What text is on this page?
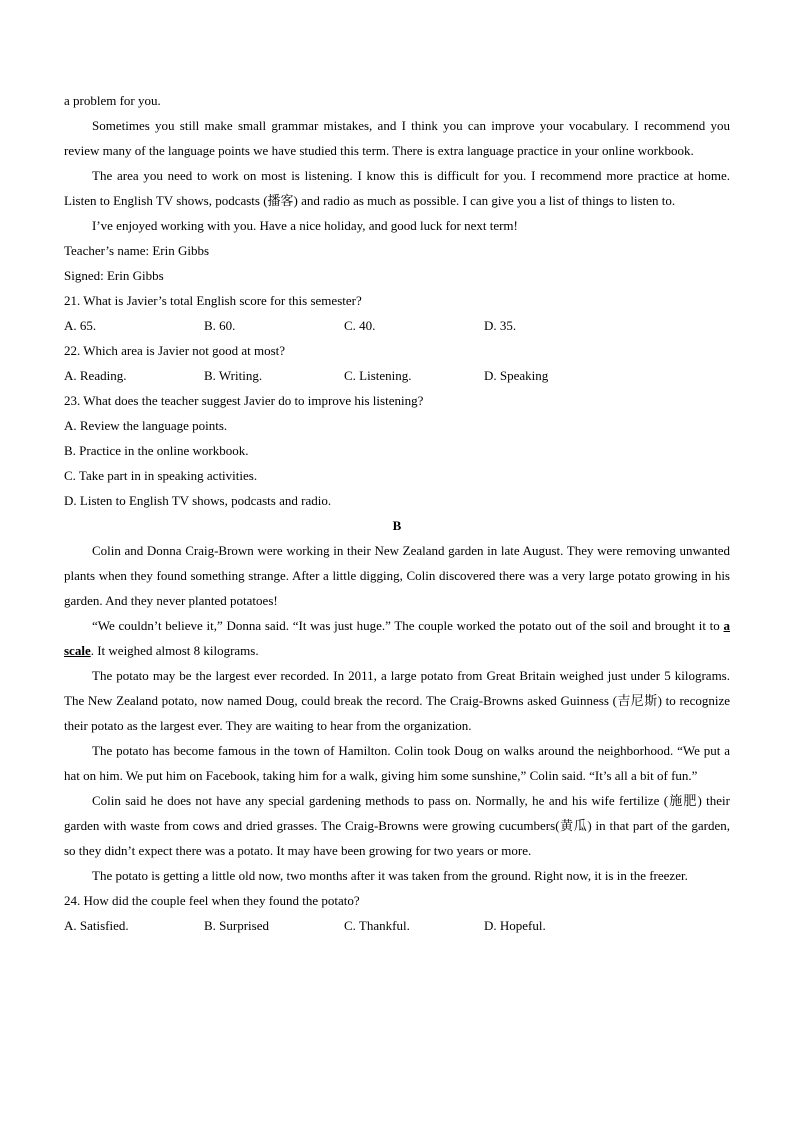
a problem for you.
Sometimes you still make small grammar mistakes, and I think you can improve your vocabulary. I recommend you review many of the language points we have studied this term. There is extra language practice in your online workbook.
The area you need to work on most is listening. I know this is difficult for you. I recommend more practice at home. Listen to English TV shows, podcasts (播客) and radio as much as possible. I can give you a list of things to listen to.
I’ve enjoyed working with you. Have a nice holiday, and good luck for next term!
Teacher’s name: Erin Gibbs
Signed: Erin Gibbs
21. What is Javier’s total English score for this semester?
A. 65.	B. 60.	C. 40.	D. 35.
22. Which area is Javier not good at most?
A. Reading.	B. Writing.	C. Listening.	D. Speaking
23. What does the teacher suggest Javier do to improve his listening?
A. Review the language points.
B. Practice in the online workbook.
C. Take part in in speaking activities.
D. Listen to English TV shows, podcasts and radio.
B
Colin and Donna Craig-Brown were working in their New Zealand garden in late August. They were removing unwanted plants when they found something strange. After a little digging, Colin discovered there was a very large potato growing in his garden. And they never planted potatoes!
“We couldn’t believe it,” Donna said. “It was just huge.” The couple worked the potato out of the soil and brought it to a scale. It weighed almost 8 kilograms.
The potato may be the largest ever recorded. In 2011, a large potato from Great Britain weighed just under 5 kilograms. The New Zealand potato, now named Doug, could break the record. The Craig-Browns asked Guinness (吉尼斯) to recognize their potato as the largest ever. They are waiting to hear from the organization.
The potato has become famous in the town of Hamilton. Colin took Doug on walks around the neighborhood. “We put a hat on him. We put him on Facebook, taking him for a walk, giving him some sunshine,” Colin said. “It’s all a bit of fun.”
Colin said he does not have any special gardening methods to pass on. Normally, he and his wife fertilize (施肥) their garden with waste from cows and dried grasses. The Craig-Browns were growing cucumbers(黄瓜) in that part of the garden, so they didn’t expect there was a potato. It may have been growing for two years or more.
The potato is getting a little old now, two months after it was taken from the ground. Right now, it is in the freezer.
24. How did the couple feel when they found the potato?
A. Satisfied.	B. Surprised	C. Thankful.	D. Hopeful.
